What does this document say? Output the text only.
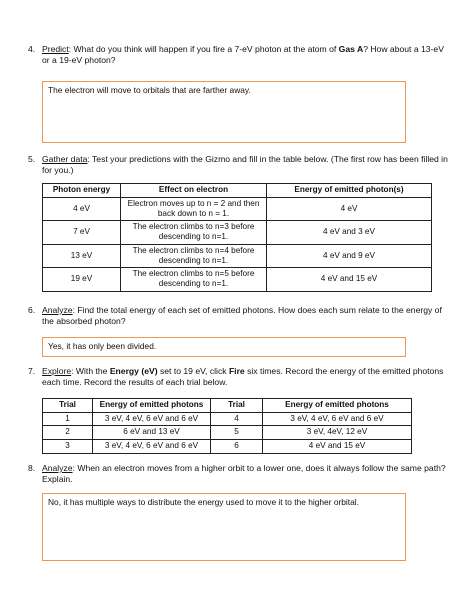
4. Predict: What do you think will happen if you fire a 7-eV photon at the atom of Gas A? How about a 13-eV or a 19-eV photon?
The electron will move to orbitals that are farther away.
5. Gather data: Test your predictions with the Gizmo and fill in the table below. (The first row has been filled in for you.)
Photon energy	Effect on electron	Energy of emitted photon(s)
4 eV	Electron moves up to n = 2 and then back down to n = 1.	4 eV
7 eV	The electron climbs to n=3 before descending to n=1.	4 eV and 3 eV
13 eV	The electron climbs to n=4 before descending to n=1.	4 eV and 9 eV
19 eV	The electron climbs to n=5 before descending to n=1.	4 eV and 15 eV
6. Analyze: Find the total energy of each set of emitted photons. How does each sum relate to the energy of the absorbed photon?
Yes, it has only been divided.
7. Explore: With the Energy (eV) set to 19 eV, click Fire six times. Record the energy of the emitted photons each time. Record the results of each trial below.
Trial	Energy of emitted photons	Trial	Energy of emitted photons
1	3 eV, 4 eV, 6 eV and 6 eV	4	3 eV, 4 eV, 6 eV and 6 eV
2	6 eV and 13 eV	5	3 eV, 4eV, 12 eV
3	3 eV, 4 eV, 6 eV and 6 eV	6	4 eV and 15 eV
8. Analyze: When an electron moves from a higher orbit to a lower one, does it always follow the same path? Explain.
No, it has multiple ways to distribute the energy used to move it to the higher orbital.
